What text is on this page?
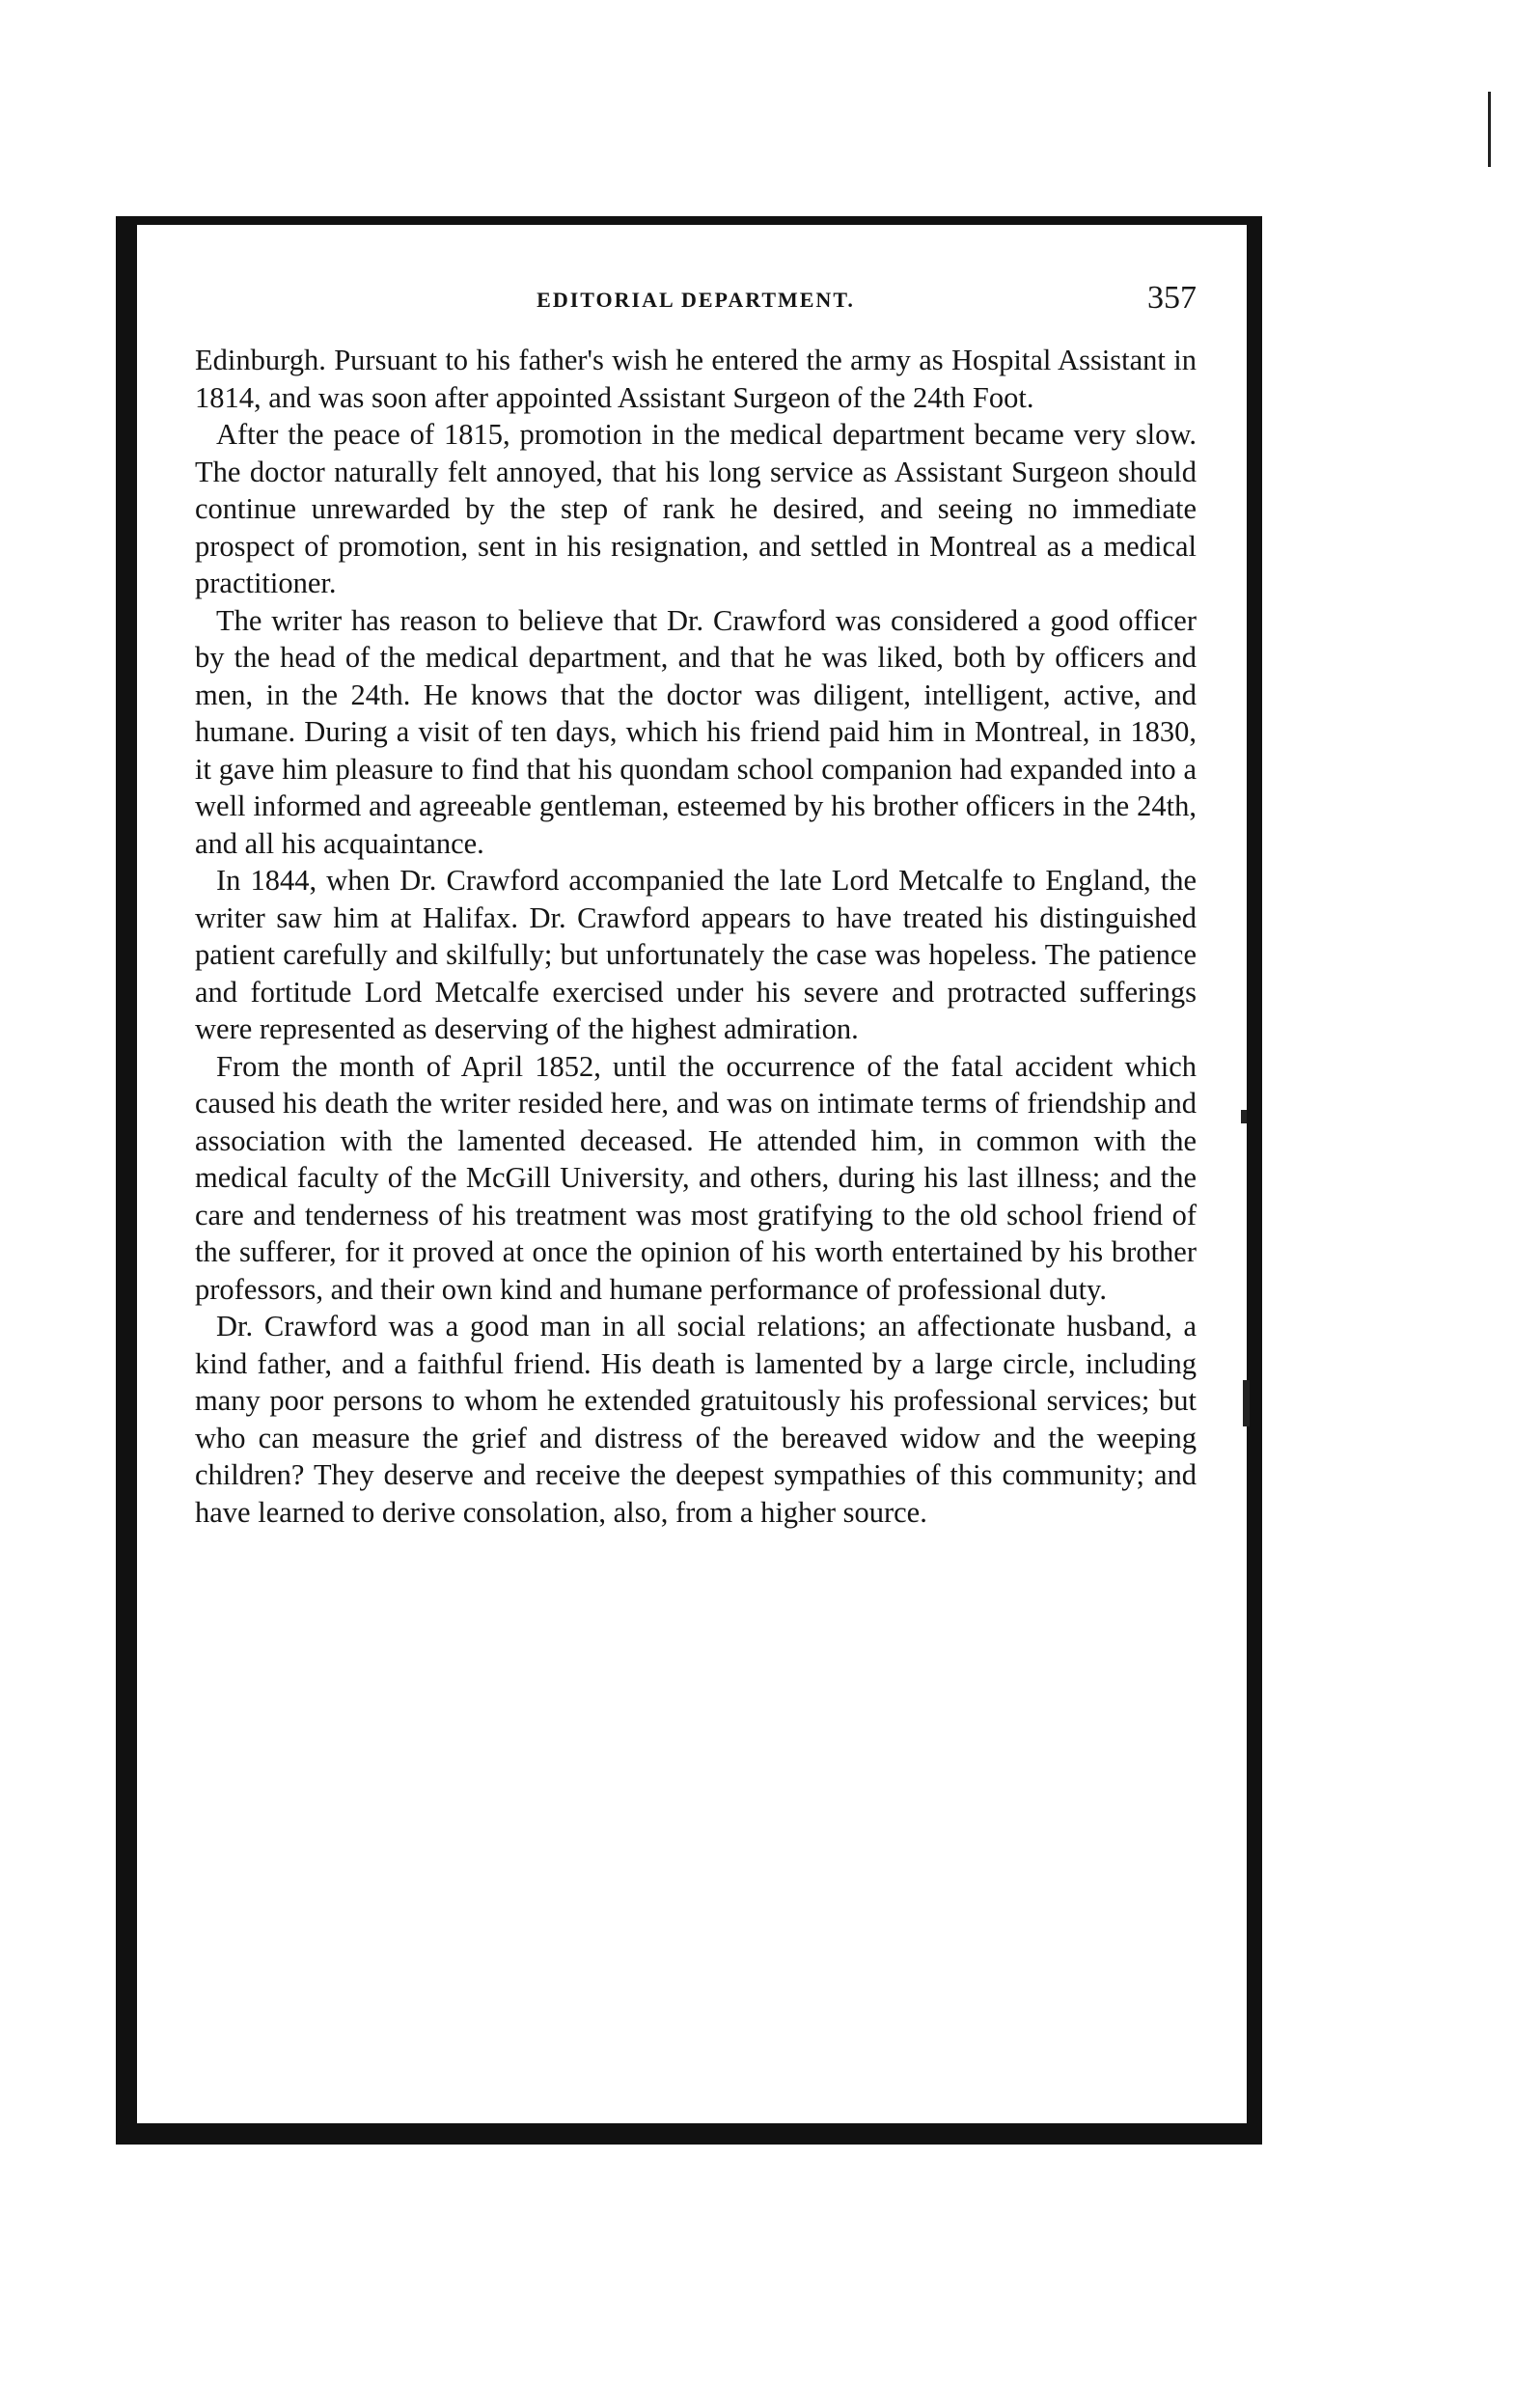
EDITORIAL DEPARTMENT.	357

Edinburgh. Pursuant to his father's wish he entered the army as Hospital Assistant in 1814, and was soon after appointed Assistant Surgeon of the 24th Foot.

After the peace of 1815, promotion in the medical department became very slow. The doctor naturally felt annoyed, that his long service as Assistant Surgeon should continue unrewarded by the step of rank he desired, and seeing no immediate prospect of promotion, sent in his resignation, and settled in Montreal as a medical practitioner.

The writer has reason to believe that Dr. Crawford was considered a good officer by the head of the medical department, and that he was liked, both by officers and men, in the 24th. He knows that the doctor was diligent, intelligent, active, and humane. During a visit of ten days, which his friend paid him in Montreal, in 1830, it gave him pleasure to find that his quondam school companion had expanded into a well informed and agreeable gentleman, esteemed by his brother officers in the 24th, and all his acquaintance.

In 1844, when Dr. Crawford accompanied the late Lord Metcalfe to England, the writer saw him at Halifax. Dr. Crawford appears to have treated his distinguished patient carefully and skilfully; but unfortunately the case was hopeless. The patience and fortitude Lord Metcalfe exercised under his severe and protracted sufferings were represented as deserving of the highest admiration.

From the month of April 1852, until the occurrence of the fatal accident which caused his death the writer resided here, and was on intimate terms of friendship and association with the lamented deceased. He attended him, in common with the medical faculty of the McGill University, and others, during his last illness; and the care and tenderness of his treatment was most gratifying to the old school friend of the sufferer, for it proved at once the opinion of his worth entertained by his brother professors, and their own kind and humane performance of professional duty.

Dr. Crawford was a good man in all social relations; an affectionate husband, a kind father, and a faithful friend. His death is lamented by a large circle, including many poor persons to whom he extended gratuitously his professional services; but who can measure the grief and distress of the bereaved widow and the weeping children? They deserve and receive the deepest sympathies of this community; and have learned to derive consolation, also, from a higher source.
